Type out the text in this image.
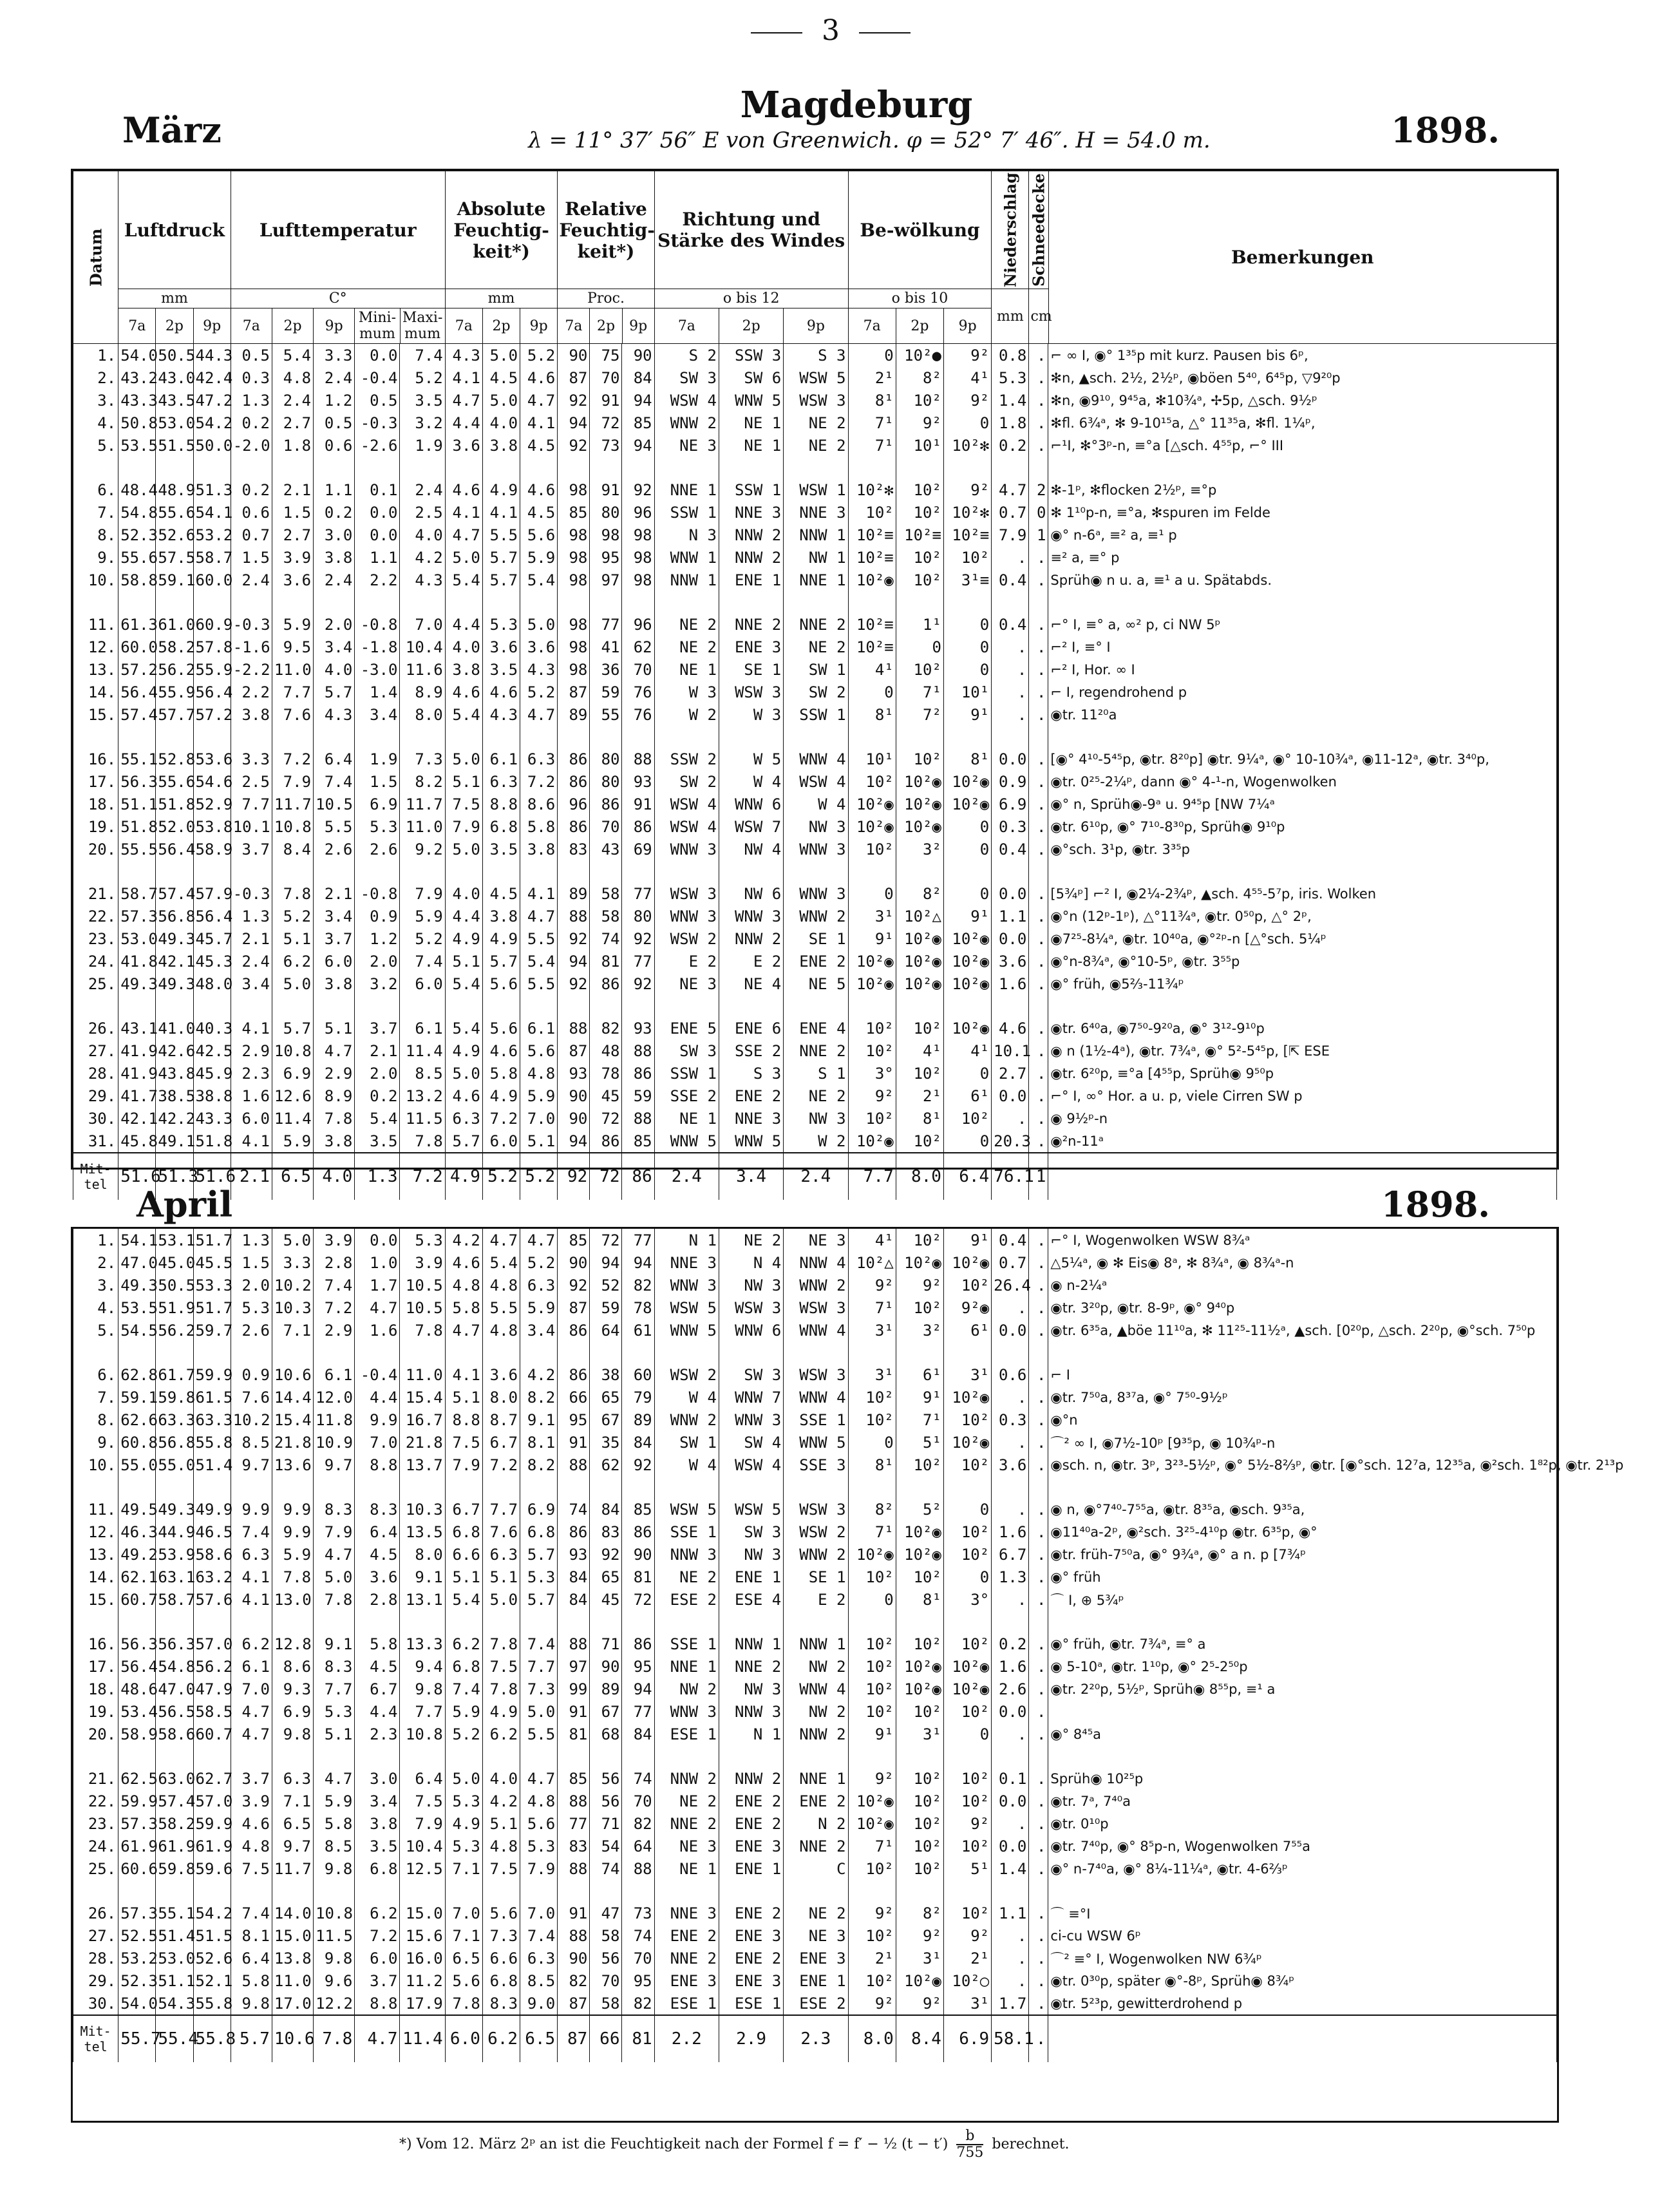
3
Magdeburg
λ = 11° 37′ 56″ E von Greenwich. φ = 52° 7′ 46″. H = 54.0 m.
März	1898.
Datum	Luftdruck			Lufttemperatur					Absolute Feuchtig-keit*)			Relative Feuchtig-keit*)			Richtung und Stärke des Windes			Be-wölkung			Niederschlag	Schneedecke	Bemerkungen
	mm			C°					mm			Proc.			o bis 12			o bis 10			mm	cm	
	7a	2p	9p	7a	2p	9p	Mini-mum	Maxi-mum	7a	2p	9p	7a	2p	9p	7a	2p	9p	7a	2p	9p			
1.	54.0	50.5	44.3	0.5	5.4	3.3	0.0	7.4	4.3	5.0	5.2	90	75	90	S 2	SSW 3	S 3	0	10²●	9²	0.8	.	⌐ ∞ I, ◉° 1³⁵p mit kurz. Pausen bis 6ᵖ,
2.	43.2	43.0	42.4	0.3	4.8	2.4	-0.4	5.2	4.1	4.5	4.6	87	70	84	SW 3	SW 6	WSW 5	2¹	8²	4¹	5.3	.	✻n, ▲sch. 2½, 2½ᵖ, ◉böen 5⁴⁰, 6⁴⁵p, ▽9²⁰p
3.	43.3	43.5	47.2	1.3	2.4	1.2	0.5	3.5	4.7	5.0	4.7	92	91	94	WSW 4	WNW 5	WSW 3	8¹	10²	9²	1.4	.	✻n, ◉9¹⁰, 9⁴⁵a, ✻10¾ᵃ, ✢5p, △sch. 9½ᵖ
4.	50.8	53.0	54.2	0.2	2.7	0.5	-0.3	3.2	4.4	4.0	4.1	94	72	85	WNW 2	NE 1	NE 2	7¹	9²	0	1.8	.	✻fl. 6¾ᵃ, ✻ 9-10¹⁵a, △° 11³⁵a, ✻fl. 1¼ᵖ,
5.	53.5	51.5	50.0	-2.0	1.8	0.6	-2.6	1.9	3.6	3.8	4.5	92	73	94	NE 3	NE 1	NE 2	7¹	10¹	10²✻	0.2	.	⌐¹I, ✻°3ᵖ-n, ≡°a [△sch. 4⁵⁵p, ⌐° III

6.	48.4	48.9	51.3	0.2	2.1	1.1	0.1	2.4	4.6	4.9	4.6	98	91	92	NNE 1	SSW 1	WSW 1	10²✻	10²	9²	4.7	2	✻-1ᵖ, ✻flocken 2½ᵖ, ≡°p
7.	54.8	55.6	54.1	0.6	1.5	0.2	0.0	2.5	4.1	4.1	4.5	85	80	96	SSW 1	NNE 3	NNE 3	10²	10²	10²✻	0.7	0	✻ 1¹⁰p-n, ≡°a, ✻spuren im Felde
8.	52.3	52.6	53.2	0.7	2.7	3.0	0.0	4.0	4.7	5.5	5.6	98	98	98	N 3	NNW 2	NNW 1	10²≡	10²≡	10²≡	7.9	1	◉° n-6ᵃ, ≡² a, ≡¹ p
9.	55.6	57.5	58.7	1.5	3.9	3.8	1.1	4.2	5.0	5.7	5.9	98	95	98	WNW 1	NNW 2	NW 1	10²≡	10²	10²	.	.	≡² a, ≡° p
10.	58.8	59.1	60.0	2.4	3.6	2.4	2.2	4.3	5.4	5.7	5.4	98	97	98	NNW 1	ENE 1	NNE 1	10²◉	10²	3¹≡	0.4	.	Sprüh◉ n u. a, ≡¹ a u. Spätabds.

11.	61.3	61.0	60.9	-0.3	5.9	2.0	-0.8	7.0	4.4	5.3	5.0	98	77	96	NE 2	NNE 2	NNE 2	10²≡	1¹	0	0.4	.	⌐° I, ≡° a, ∞² p, ci NW 5ᵖ
12.	60.0	58.2	57.8	-1.6	9.5	3.4	-1.8	10.4	4.0	3.6	3.6	98	41	62	NE 2	ENE 3	NE 2	10²≡	0	0	.	.	⌐² I, ≡° I
13.	57.2	56.2	55.9	-2.2	11.0	4.0	-3.0	11.6	3.8	3.5	4.3	98	36	70	NE 1	SE 1	SW 1	4¹	10²	0	.	.	⌐² I, Hor. ∞ I
14.	56.4	55.9	56.4	2.2	7.7	5.7	1.4	8.9	4.6	4.6	5.2	87	59	76	W 3	WSW 3	SW 2	0	7¹	10¹	.	.	⌐ I, regendrohend p
15.	57.4	57.7	57.2	3.8	7.6	4.3	3.4	8.0	5.4	4.3	4.7	89	55	76	W 2	W 3	SSW 1	8¹	7²	9¹	.	.	◉tr. 11²⁰a

16.	55.1	52.8	53.6	3.3	7.2	6.4	1.9	7.3	5.0	6.1	6.3	86	80	88	SSW 2	W 5	WNW 4	10¹	10²	8¹	0.0	.	[◉° 4¹⁰-5⁴⁵p, ◉tr. 8²⁰p] ◉tr. 9¼ᵃ, ◉° 10-10¾ᵃ, ◉11-12ᵃ, ◉tr. 3⁴⁰p,
17.	56.3	55.6	54.6	2.5	7.9	7.4	1.5	8.2	5.1	6.3	7.2	86	80	93	SW 2	W 4	WSW 4	10²	10²◉	10²◉	0.9	.	◉tr. 0²⁵-2¼ᵖ, dann ◉° 4-¹-n, Wogenwolken
18.	51.1	51.8	52.9	7.7	11.7	10.5	6.9	11.7	7.5	8.8	8.6	96	86	91	WSW 4	WNW 6	W 4	10²◉	10²◉	10²◉	6.9	.	◉° n, Sprüh◉-9ᵃ u. 9⁴⁵p [NW 7¼ᵃ
19.	51.8	52.0	53.8	10.1	10.8	5.5	5.3	11.0	7.9	6.8	5.8	86	70	86	WSW 4	WSW 7	NW 3	10²◉	10²◉	0	0.3	.	◉tr. 6¹⁰p, ◉° 7¹⁰-8³⁰p, Sprüh◉ 9¹⁰p
20.	55.5	56.4	58.9	3.7	8.4	2.6	2.6	9.2	5.0	3.5	3.8	83	43	69	WNW 3	NW 4	WNW 3	10²	3²	0	0.4	.	◉°sch. 3¹p, ◉tr. 3³⁵p

21.	58.7	57.4	57.9	-0.3	7.8	2.1	-0.8	7.9	4.0	4.5	4.1	89	58	77	WSW 3	NW 6	WNW 3	0	8²	0	0.0	.	[5¾ᵖ] ⌐² I, ◉2¼-2¾ᵖ, ▲sch. 4⁵⁵-5⁷p, iris. Wolken
22.	57.3	56.8	56.4	1.3	5.2	3.4	0.9	5.9	4.4	3.8	4.7	88	58	80	WNW 3	WNW 3	WNW 2	3¹	10²△	9¹	1.1	.	◉°n (12ᵖ-1ᵖ), △°11¾ᵃ, ◉tr. 0⁵⁰p, △° 2ᵖ,
23.	53.0	49.3	45.7	2.1	5.1	3.7	1.2	5.2	4.9	4.9	5.5	92	74	92	WSW 2	NNW 2	SE 1	9¹	10²◉	10²◉	0.0	.	◉7²⁵-8¼ᵃ, ◉tr. 10⁴⁰a, ◉°²ᵖ-n [△°sch. 5¼ᵖ
24.	41.8	42.1	45.3	2.4	6.2	6.0	2.0	7.4	5.1	5.7	5.4	94	81	77	E 2	E 2	ENE 2	10²◉	10²◉	10²◉	3.6	.	◉°n-8¾ᵃ, ◉°10-5ᵖ, ◉tr. 3⁵⁵p
25.	49.3	49.3	48.0	3.4	5.0	3.8	3.2	6.0	5.4	5.6	5.5	92	86	92	NE 3	NE 4	NE 5	10²◉	10²◉	10²◉	1.6	.	◉° früh, ◉5⅔-11¾ᵖ

26.	43.1	41.0	40.3	4.1	5.7	5.1	3.7	6.1	5.4	5.6	6.1	88	82	93	ENE 5	ENE 6	ENE 4	10²	10²	10²◉	4.6	.	◉tr. 6⁴⁰a, ◉7⁵⁰-9²⁰a, ◉° 3¹²-9¹⁰p
27.	41.9	42.6	42.5	2.9	10.8	4.7	2.1	11.4	4.9	4.6	5.6	87	48	88	SW 3	SSE 2	NNE 2	10²	4¹	4¹	10.1	.	◉ n (1½-4ᵃ), ◉tr. 7¾ᵃ, ◉° 5²-5⁴⁵p, [⇱ ESE
28.	41.9	43.8	45.9	2.3	6.9	2.9	2.0	8.5	5.0	5.8	4.8	93	78	86	SSW 1	S 3	S 1	3°	10²	0	2.7	.	◉tr. 6²⁰p, ≡°a [4⁵⁵p, Sprüh◉ 9⁵⁰p
29.	41.7	38.5	38.8	1.6	12.6	8.9	0.2	13.2	4.6	4.9	5.9	90	45	59	SSE 2	ENE 2	NE 2	9²	2¹	6¹	0.0	.	⌐° I, ∞° Hor. a u. p, viele Cirren SW p
30.	42.1	42.2	43.3	6.0	11.4	7.8	5.4	11.5	6.3	7.2	7.0	90	72	88	NE 1	NNE 3	NW 3	10²	8¹	10²	.	.	◉ 9½ᵖ-n
31.	45.8	49.1	51.8	4.1	5.9	3.8	3.5	7.8	5.7	6.0	5.1	94	86	85	WNW 5	WNW 5	W 2	10²◉	10²	0	20.3	.	◉²n-11ᵃ
Mit-tel	51.6	51.3	51.6	2.1	6.5	4.0	1.3	7.2	4.9	5.2	5.2	92	72	86	2.4	3.4	2.4	7.7	8.0	6.4	76.1	1	
April	1898.
1.	54.1	53.1	51.7	1.3	5.0	3.9	0.0	5.3	4.2	4.7	4.7	85	72	77	N 1	NE 2	NE 3	4¹	10²	9¹	0.4	.	⌐° I, Wogenwolken WSW 8¾ᵃ
2.	47.0	45.0	45.5	1.5	3.3	2.8	1.0	3.9	4.6	5.4	5.2	90	94	94	NNE 3	N 4	NNW 4	10²△	10²◉	10²◉	0.7	.	△5¼ᵃ, ◉ ✻ Eis◉ 8ᵃ, ✻ 8¾ᵃ, ◉ 8¾ᵃ-n
3.	49.3	50.5	53.3	2.0	10.2	7.4	1.7	10.5	4.8	4.8	6.3	92	52	82	WNW 3	NW 3	WNW 2	9²	9²	10²	26.4	.	◉ n-2¼ᵃ
4.	53.5	51.9	51.7	5.3	10.3	7.2	4.7	10.5	5.8	5.5	5.9	87	59	78	WSW 5	WSW 3	WSW 3	7¹	10²	9²◉	.	.	◉tr. 3²⁰p, ◉tr. 8-9ᵖ, ◉° 9⁴⁰p
5.	54.5	56.2	59.7	2.6	7.1	2.9	1.6	7.8	4.7	4.8	3.4	86	64	61	WNW 5	WNW 6	WNW 4	3¹	3²	6¹	0.0	.	◉tr. 6³⁵a, ▲böe 11¹⁰a, ✻ 11²⁵-11½ᵃ, ▲sch. [0²⁰p, △sch. 2²⁰p, ◉°sch. 7⁵⁰p

6.	62.8	61.7	59.9	0.9	10.6	6.1	-0.4	11.0	4.1	3.6	4.2	86	38	60	WSW 2	SW 3	WSW 3	3¹	6¹	3¹	0.6	.	⌐ I
7.	59.1	59.8	61.5	7.6	14.4	12.0	4.4	15.4	5.1	8.0	8.2	66	65	79	W 4	WNW 7	WNW 4	10²	9¹	10²◉	.	.	◉tr. 7⁵⁰a, 8³⁷a, ◉° 7⁵⁰-9½ᵖ
8.	62.6	63.3	63.3	10.2	15.4	11.8	9.9	16.7	8.8	8.7	9.1	95	67	89	WNW 2	WNW 3	SSE 1	10²	7¹	10²	0.3	.	◉°n
9.	60.8	56.8	55.8	8.5	21.8	10.9	7.0	21.8	7.5	6.7	8.1	91	35	84	SW 1	SW 4	WNW 5	0	5¹	10²◉	.	.	⌒² ∞ I, ◉7½-10ᵖ [9³⁵p, ◉ 10¾ᵖ-n
10.	55.0	55.0	51.4	9.7	13.6	9.7	8.8	13.7	7.9	7.2	8.2	88	62	92	W 4	WSW 4	SSE 3	8¹	10²	10²	3.6	.	◉sch. n, ◉tr. 3ᵖ, 3²³-5½ᵖ, ◉° 5½-8⅔ᵖ, ◉tr. [◉°sch. 12⁷a, 12³⁵a, ◉²sch. 1⁸²p, ◉tr. 2¹³p

11.	49.5	49.3	49.9	9.9	9.9	8.3	8.3	10.3	6.7	7.7	6.9	74	84	85	WSW 5	WSW 5	WSW 3	8²	5²	0	.	.	◉ n, ◉°7⁴⁰-7⁵⁵a, ◉tr. 8³⁵a, ◉sch. 9³⁵a,
12.	46.3	44.9	46.5	7.4	9.9	7.9	6.4	13.5	6.8	7.6	6.8	86	83	86	SSE 1	SW 3	WSW 2	7¹	10²◉	10²	1.6	.	◉11⁴⁰a-2ᵖ, ◉²sch. 3²⁵-4¹⁰p ◉tr. 6³⁵p, ◉°
13.	49.2	53.9	58.6	6.3	5.9	4.7	4.5	8.0	6.6	6.3	5.7	93	92	90	NNW 3	NW 3	WNW 2	10²◉	10²◉	10²	6.7	.	◉tr. früh-7⁵⁰a, ◉° 9¾ᵃ, ◉° a n. p [7¾ᵖ
14.	62.1	63.1	63.2	4.1	7.8	5.0	3.6	9.1	5.1	5.1	5.3	84	65	81	NE 2	ENE 1	SE 1	10²	10²	0	1.3	.	◉° früh
15.	60.7	58.7	57.6	4.1	13.0	7.8	2.8	13.1	5.4	5.0	5.7	84	45	72	ESE 2	ESE 4	E 2	0	8¹	3°	.	.	⌒ I, ⊕ 5¾ᵖ

16.	56.3	56.3	57.0	6.2	12.8	9.1	5.8	13.3	6.2	7.8	7.4	88	71	86	SSE 1	NNW 1	NNW 1	10²	10²	10²	0.2	.	◉° früh, ◉tr. 7¾ᵃ, ≡° a
17.	56.4	54.8	56.2	6.1	8.6	8.3	4.5	9.4	6.8	7.5	7.7	97	90	95	NNE 1	NNE 2	NW 2	10²	10²◉	10²◉	1.6	.	◉ 5-10ᵃ, ◉tr. 1¹⁰p, ◉° 2⁵-2⁵⁰p
18.	48.6	47.0	47.9	7.0	9.3	7.7	6.7	9.8	7.4	7.8	7.3	99	89	94	NW 2	NW 3	WNW 4	10²	10²◉	10²◉	2.6	.	◉tr. 2²⁰p, 5½ᵖ, Sprüh◉ 8⁵⁵p, ≡¹ a
19.	53.4	56.5	58.5	4.7	6.9	5.3	4.4	7.7	5.9	4.9	5.0	91	67	77	WNW 3	NNW 3	NW 2	10²	10²	10²	0.0	.	
20.	58.9	58.6	60.7	4.7	9.8	5.1	2.3	10.8	5.2	6.2	5.5	81	68	84	ESE 1	N 1	NNW 2	9¹	3¹	0	.	.	◉° 8⁴⁵a

21.	62.5	63.0	62.7	3.7	6.3	4.7	3.0	6.4	5.0	4.0	4.7	85	56	74	NNW 2	NNW 2	NNE 1	9²	10²	10²	0.1	.	Sprüh◉ 10²⁵p
22.	59.9	57.4	57.0	3.9	7.1	5.9	3.4	7.5	5.3	4.2	4.8	88	56	70	NE 2	ENE 2	ENE 2	10²◉	10²	10²	0.0	.	◉tr. 7ᵃ, 7⁴⁰a
23.	57.3	58.2	59.9	4.6	6.5	5.8	3.8	7.9	4.9	5.1	5.6	77	71	82	NNE 2	ENE 2	N 2	10²◉	10²	9²	.	.	◉tr. 0¹⁰p
24.	61.9	61.9	61.9	4.8	9.7	8.5	3.5	10.4	5.3	4.8	5.3	83	54	64	NE 3	ENE 3	NNE 2	7¹	10²	10²	0.0	.	◉tr. 7⁴⁰p, ◉° 8⁵p-n, Wogenwolken 7⁵⁵a
25.	60.6	59.8	59.6	7.5	11.7	9.8	6.8	12.5	7.1	7.5	7.9	88	74	88	NE 1	ENE 1	C	10²	10²	5¹	1.4	.	◉° n-7⁴⁰a, ◉° 8¼-11¼ᵃ, ◉tr. 4-6⅔ᵖ

26.	57.3	55.1	54.2	7.4	14.0	10.8	6.2	15.0	7.0	5.6	7.0	91	47	73	NNE 3	ENE 2	NE 2	9²	8²	10²	1.1	.	⌒ ≡°I
27.	52.5	51.4	51.5	8.1	15.0	11.5	7.2	15.6	7.1	7.3	7.4	88	58	74	ENE 2	ENE 3	NE 3	10²	9²	9²	.	.	ci-cu WSW 6ᵖ
28.	53.2	53.0	52.6	6.4	13.8	9.8	6.0	16.0	6.5	6.6	6.3	90	56	70	NNE 2	ENE 2	ENE 3	2¹	3¹	2¹	.	.	⌒² ≡° I, Wogenwolken NW 6¾ᵖ
29.	52.3	51.1	52.1	5.8	11.0	9.6	3.7	11.2	5.6	6.8	8.5	82	70	95	ENE 3	ENE 3	ENE 1	10²	10²◉	10²○	.	.	◉tr. 0³⁰p, später ◉°-8ᵖ, Sprüh◉ 8¾ᵖ
30.	54.0	54.3	55.8	9.8	17.0	12.2	8.8	17.9	7.8	8.3	9.0	87	58	82	ESE 1	ESE 1	ESE 2	9²	9²	3¹	1.7	.	◉tr. 5²³p, gewitterdrohend p
Mit-tel	55.7	55.4	55.8	5.7	10.6	7.8	4.7	11.4	6.0	6.2	6.5	87	66	81	2.2	2.9	2.3	8.0	8.4	6.9	58.1	.	
*) Vom 12. März 2ᵖ an ist die Feuchtigkeit nach der Formel f = f′ − ½ $(t - t') \frac{b}{755}$ berechnet.
